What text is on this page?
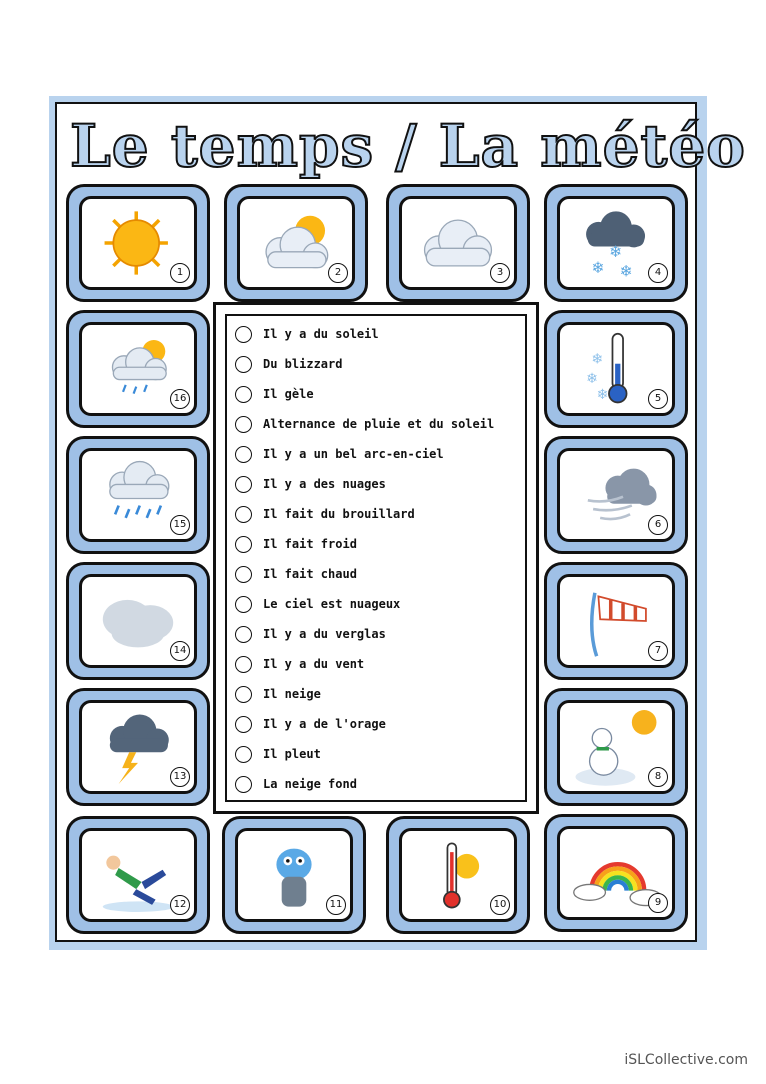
Le temps / La météo
1	2	3
❄
❄ ❄	4
❄
❄
❄	5
6
7
8
9
10
11
12
13
14
15
16
Il y a du soleil
Du blizzard
Il gèle
Alternance de pluie et du soleil
Il y a un bel arc-en-ciel
Il y a des nuages
Il fait du brouillard
Il fait froid
Il fait chaud
Le ciel est nuageux
Il y a du verglas
Il y a du vent
Il neige
Il y a de l'orage
Il pleut
La neige fond
iSLCollective.com
